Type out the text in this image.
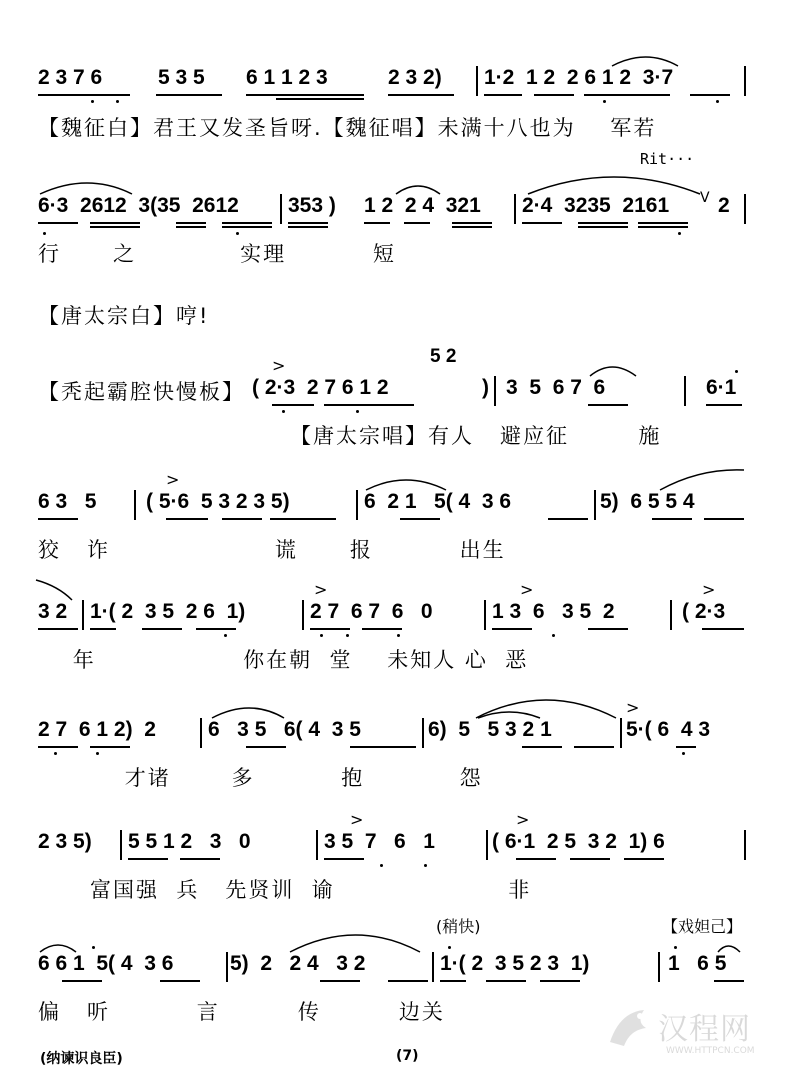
2 3 7 6	5 3 5 6 1 1 2 3	2 3 2) 1·2  1 2  2 6 1 2  3·7
【魏征白】君王又发圣旨呀.【魏征唱】未满十八也为    军若
Rit···
6·3  2612  3(35  2612 353 ) 1 2  2 4  321 2·4  3235  2161 V 2
行      之            实理          短
【唐太宗白】哼!
【秃起霸腔快慢板】
5 2
( 2·3  2 7 6 1 2	) 3  5  6 7  6	6·1
>
【唐太宗唱】有人   避应征        施
6 3   5 ( 5·6  5 3 2 3 5)	6  2 1   5( 4  3 6	5)  6 5 5 4
>
狡   诈                   谎      报          出生
3 2 1·( 2  3 5  2 6  1)	2 7  6 7  6   0	1 3  6   3 5  2	( 2·3
>	>	>
年                 你在朝  堂    未知人 心  恶
2 7  6 1 2)  2 6   3 5   6( 4  3 5	6)  5   5 3 2 1	5·( 6  4 3
>
才诸       多          抱           怨
2 3 5) 5 5 1 2   3   0	3 5  7   6   1	( 6·1  2 5  3 2  1) 6
>	>
富国强  兵   先贤训  谕                    非
(稍快)	【戏妲己】
6 6 1  5( 4  3 6	5)  2   2 4   3 2	1·( 2  3 5 2 3  1)	1   6 5
偏   听          言         传         边关
(纳谏识良臣)	(7)
汉程网
WWW.HTTPCN.COM
